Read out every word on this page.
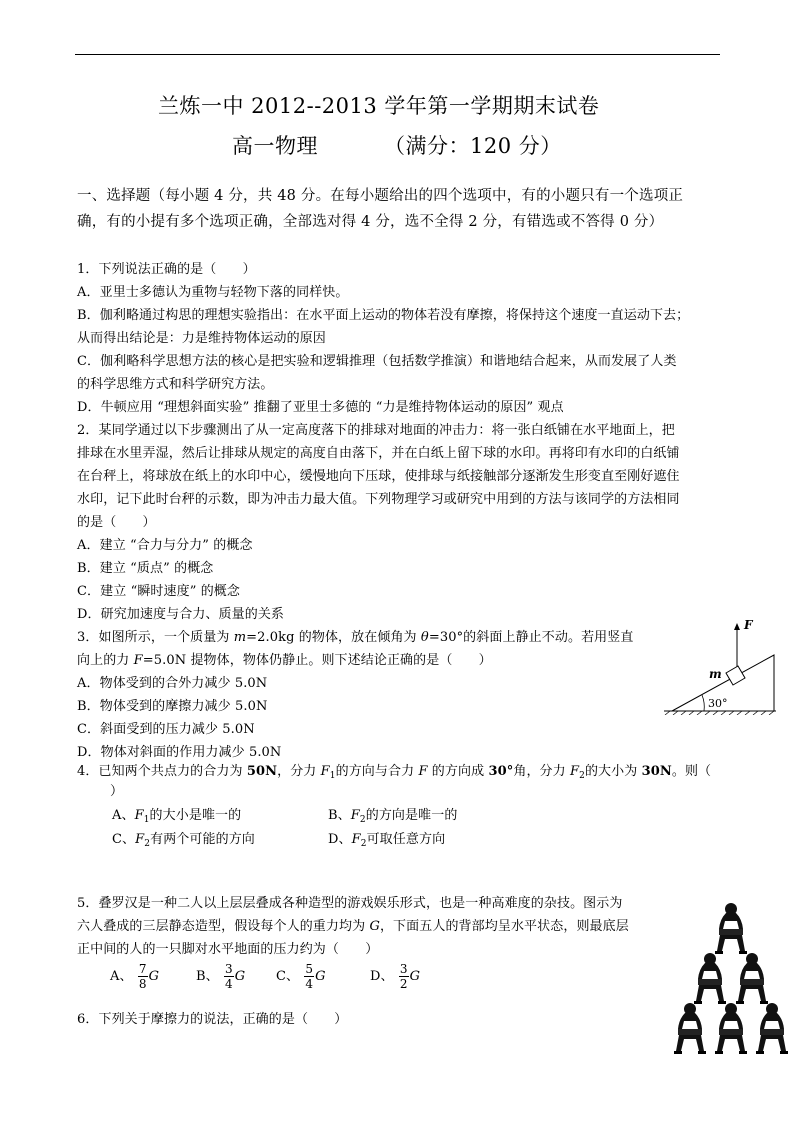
兰炼一中 2012--2013 学年第一学期期末试卷
高一物理	（满分：120 分）
一、选择题（每小题 4 分，共 48 分。在每小题给出的四个选项中，有的小题只有一个选项正
确，有的小提有多个选项正确，全部选对得 4 分，选不全得 2 分，有错选或不答得 0 分）
1．下列说法正确的是（　　）
A．亚里士多德认为重物与轻物下落的同样快。
B．伽利略通过构思的理想实验指出：在水平面上运动的物体若没有摩擦，将保持这个速度一直运动下去；
从而得出结论是：力是维持物体运动的原因
C．伽利略科学思想方法的核心是把实验和逻辑推理（包括数学推演）和谐地结合起来，从而发展了人类
的科学思维方式和科学研究方法。
D．牛顿应用 “理想斜面实验” 推翻了亚里士多德的 “力是维持物体运动的原因” 观点
2．某同学通过以下步骤测出了从一定高度落下的排球对地面的冲击力：将一张白纸铺在水平地面上，把
排球在水里弄湿，然后让排球从规定的高度自由落下，并在白纸上留下球的水印。再将印有水印的白纸铺
在台秤上，将球放在纸上的水印中心，缓慢地向下压球，使排球与纸接触部分逐渐发生形变直至刚好遮住
水印，记下此时台秤的示数，即为冲击力最大值。下列物理学习或研究中用到的方法与该同学的方法相同
的是（　　）
A．建立 “合力与分力” 的概念
B．建立 “质点” 的概念
C．建立 “瞬时速度” 的概念
D．研究加速度与合力、质量的关系
3．如图所示，一个质量为 m=2.0kg 的物体，放在倾角为 θ=30°的斜面上静止不动。若用竖直
向上的力 F=5.0N 提物体，物体仍静止。则下述结论正确的是（　　）
A．物体受到的合外力减少 5.0N
B．物体受到的摩擦力减少 5.0N
C．斜面受到的压力减少 5.0N
D．物体对斜面的作用力减少 5.0N
F
m
30°
4．已知两个共点力的合力为 50N，分力 $F_1$的方向与合力 F 的方向成 30°角，分力 $F_2$的大小为 30N。则（
）
A、$F_1$的大小是唯一的	B、$F_2$的方向是唯一的
C、$F_2$有两个可能的方向	D、$F_2$可取任意方向
5．叠罗汉是一种二人以上层层叠成各种造型的游戏娱乐形式，也是一种高难度的杂技。图示为
六人叠成的三层静态造型，假设每个人的重力均为 G，下面五人的背部均呈水平状态，则最底层
正中间的人的一只脚对水平地面的压力约为（　　）
A、 $\frac{7}{8}$ G	B、 $\frac{3}{4}$ G C、 $\frac{5}{4}$ G	D、 $\frac{3}{2}$ G
6．下列关于摩擦力的说法，正确的是（　　）
